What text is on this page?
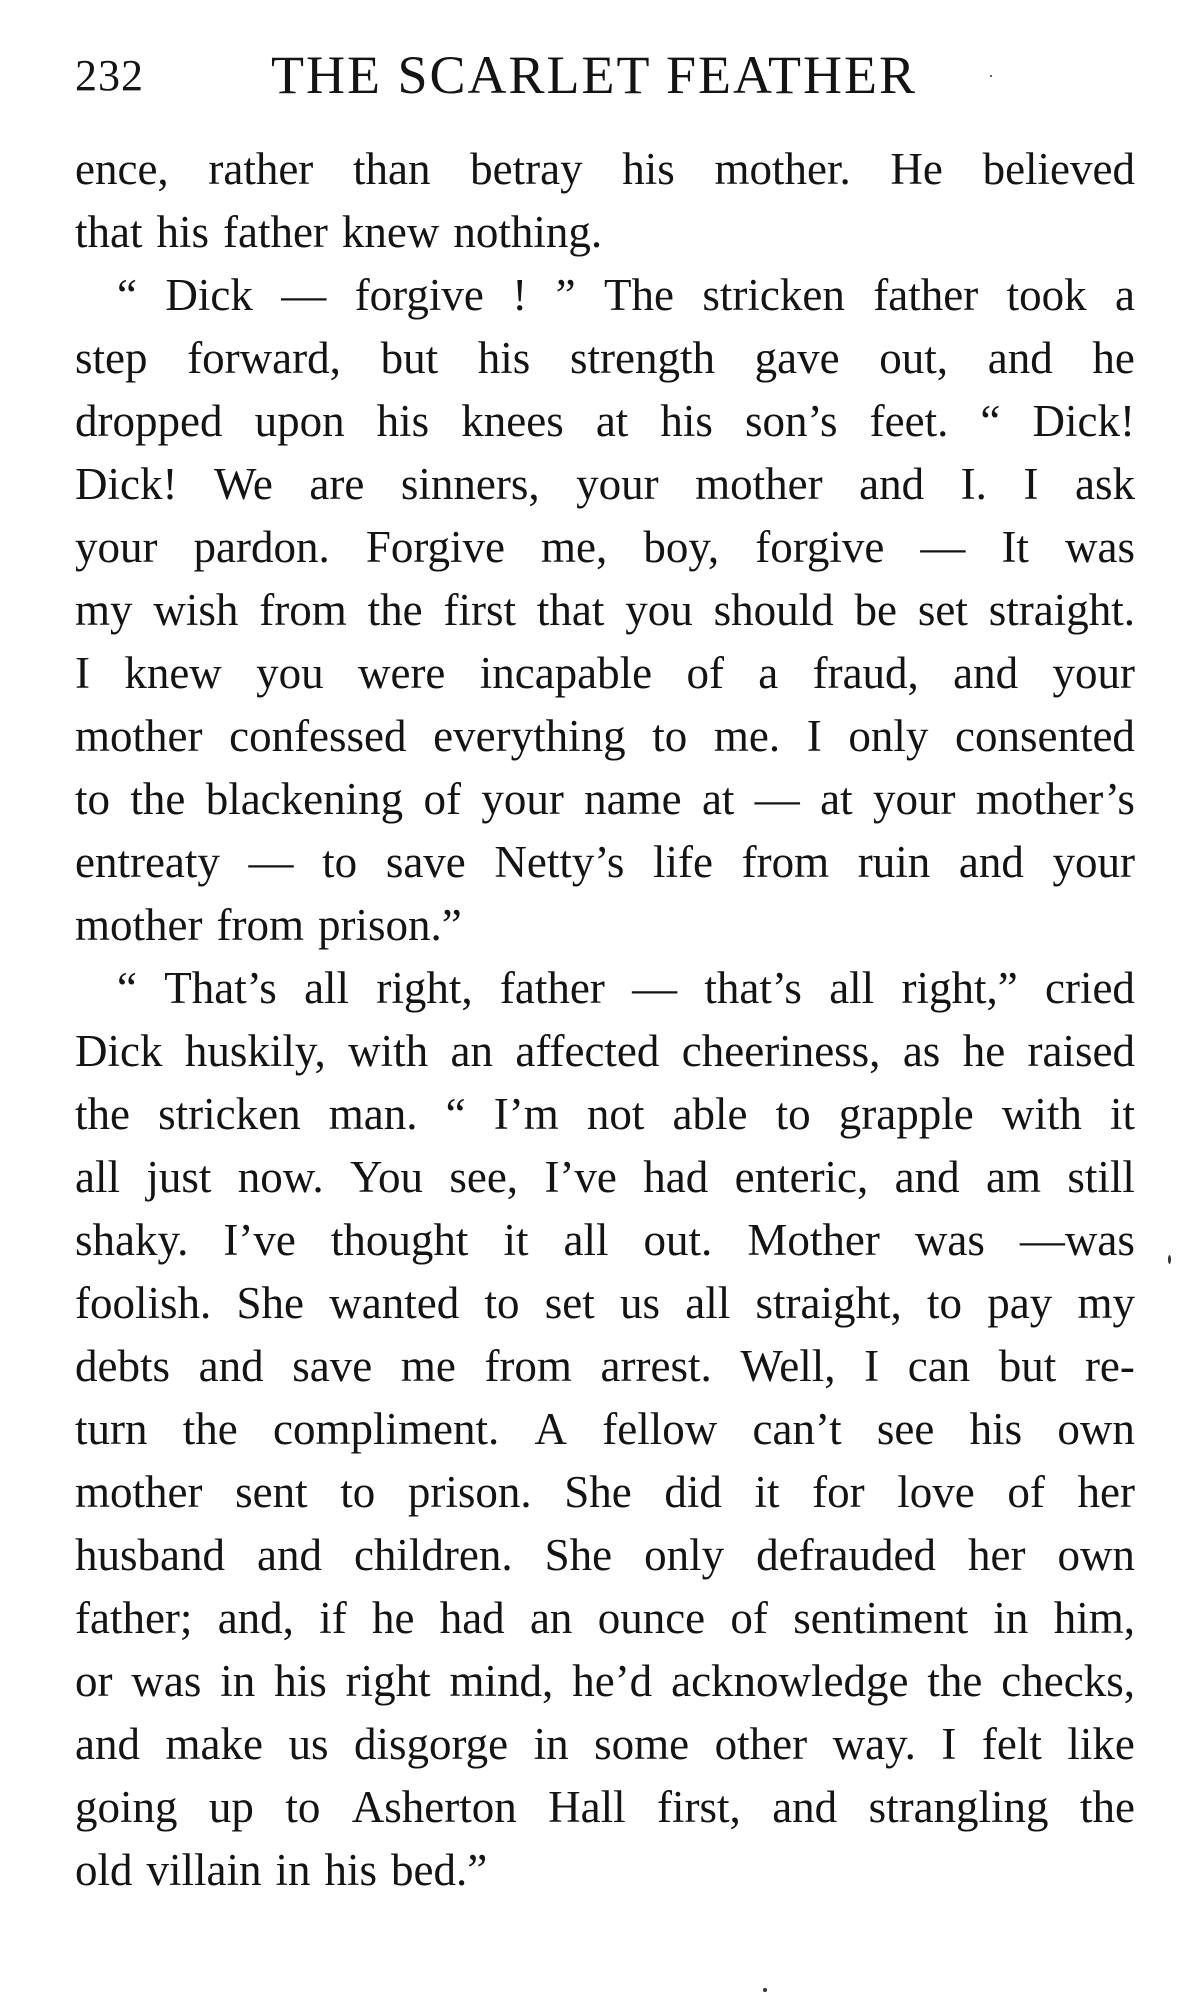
232 THE SCARLET FEATHER
ence, rather than betray his mother. He believed
that his father knew nothing.
“ Dick — forgive ! ” The stricken father took a
step forward, but his strength gave out, and he
dropped upon his knees at his son’s feet. “ Dick!
Dick! We are sinners, your mother and I. I ask
your pardon. Forgive me, boy, forgive — It was
my wish from the first that you should be set straight.
I knew you were incapable of a fraud, and your
mother confessed everything to me. I only consented
to the blackening of your name at — at your mother’s
entreaty — to save Netty’s life from ruin and your
mother from prison.”
“ That’s all right, father — that’s all right,” cried
Dick huskily, with an affected cheeriness, as he raised
the stricken man. “ I’m not able to grapple with it
all just now. You see, I’ve had enteric, and am still
shaky. I’ve thought it all out. Mother was —was
foolish. She wanted to set us all straight, to pay my
debts and save me from arrest. Well, I can but re-
turn the compliment. A fellow can’t see his own
mother sent to prison. She did it for love of her
husband and children. She only defrauded her own
father; and, if he had an ounce of sentiment in him,
or was in his right mind, he’d acknowledge the checks,
and make us disgorge in some other way. I felt like
going up to Asherton Hall first, and strangling the
old villain in his bed.”
